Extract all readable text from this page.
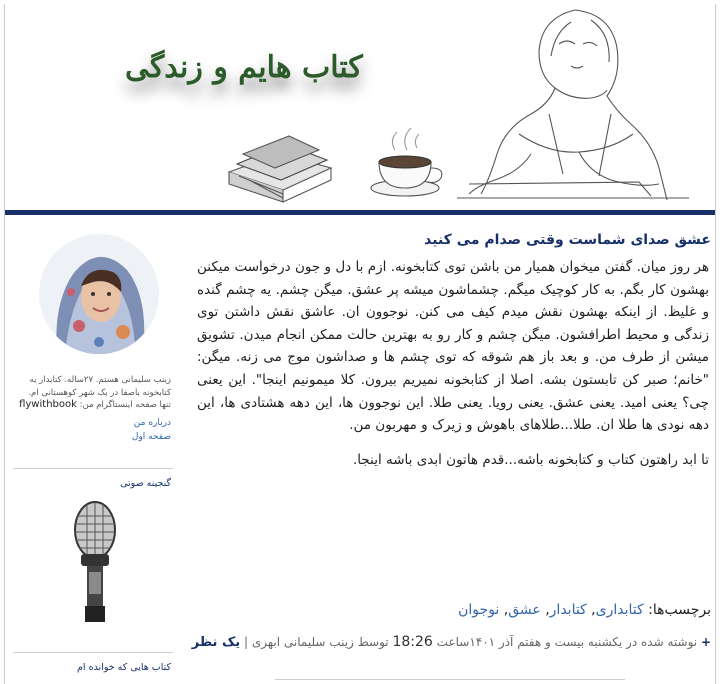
کتاب هایم و زندگی
عشق صدای شماست وقتی صدام می کنید

هر روز میان. گفتن میخوان همیار من باشن توی کتابخونه. ازم با دل و جون درخواست میکنن بهشون کار بگم. به کار کوچیک میگم. چشماشون میشه پر عشق. میگن چشم. یه چشم گنده و غلیظ. از اینکه بهشون نقش میدم کیف می کنن. نوجوون ان. عاشق نقش داشتن توی زندگی و محیط اطرافشون. میگن چشم و کار رو به بهترین حالت ممکن انجام میدن. تشویق میشن از طرف من. و بعد باز هم شوقه که توی چشم ها و صداشون موج می زنه. میگن: "خانم؛ صبر کن تابستون بشه. اصلا از کتابخونه نمیریم بیرون. کلا میمونیم اینجا". این یعنی چی؟ یعنی امید. یعنی عشق. یعنی رویا. یعنی طلا. این نوجوون ها، این دهه هشتادی ها، این دهه نودی ها طلا ان. طلا...طلاهای باهوش و زیرک و مهربون من.

تا ابد راهتون کتاب و کتابخونه باشه...قدم هاتون ابدی باشه اینجا.

برچسب‌ها: کتابداری, کتابدار, عشق, نوجوان
+ نوشته شده در یکشنبه بیست و هفتم آذر ۱۴۰۱ساعت 18:26 توسط زینب سلیمانی ابهری | یک نظر
زینب سلیمانی هستم. ۲۷ساله. کتابدار یه کتابخونه باصفا در یک شهر کوهستانی ام.
تنها صفحه اینستاگرام من: flywithbook
درباره من
صفحه اول
گنجینه صوتی
کتاب هایی که خوانده ام
